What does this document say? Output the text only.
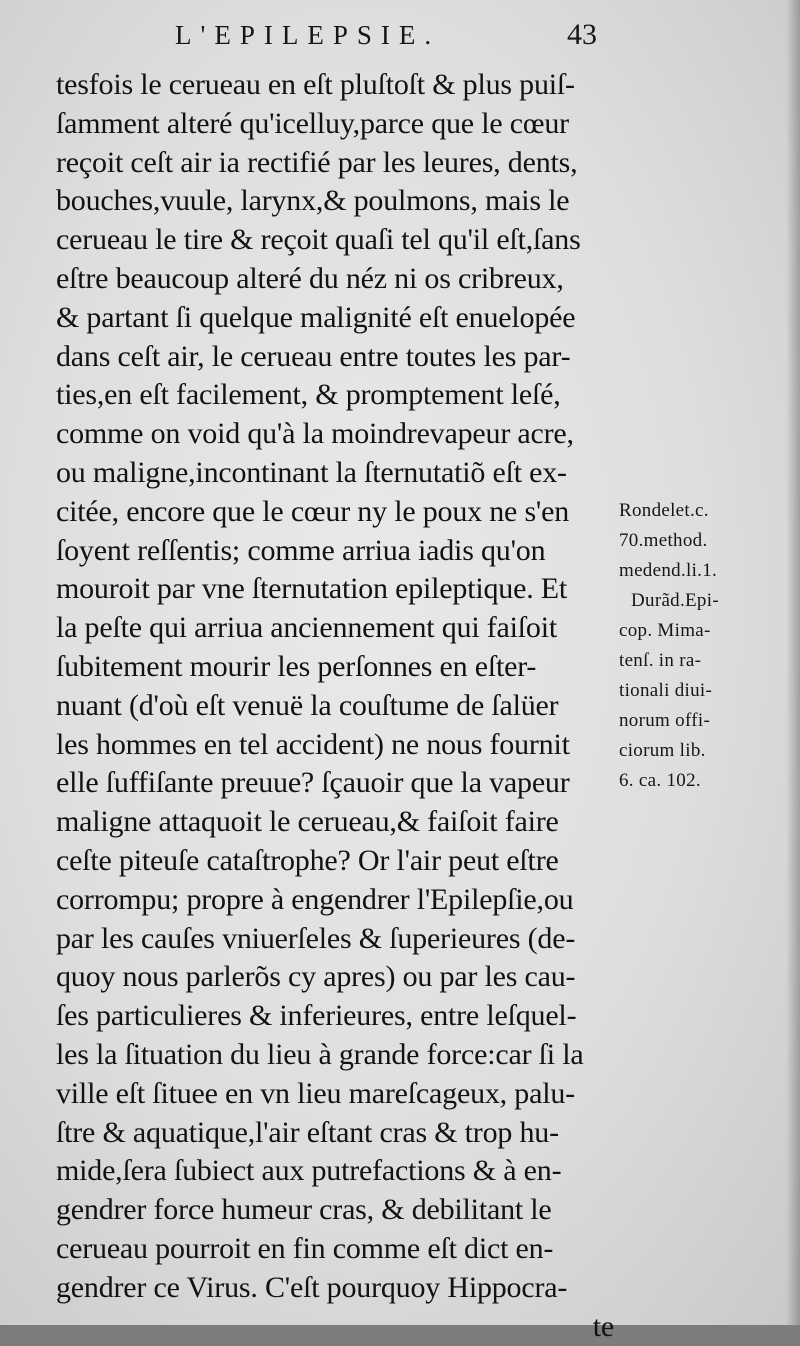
L'EPILEPSIE.	43
tesfois le cerueau en eſt pluſtoſt & plus puiſ-
ſamment alteré qu'icelluy,parce que le cœur
reçoit ceſt air ia rectifié par les leures, dents,
bouches,vuule, larynx,& poulmons, mais le
cerueau le tire & reçoit quaſi tel qu'il eſt,ſans
eſtre beaucoup alteré du néz ni os cribreux,
& partant ſi quelque malignité eſt enuelopée
dans ceſt air, le cerueau entre toutes les par-
ties,en eſt facilement, & promptement leſé,
comme on void qu'à la moindrevapeur acre,
ou maligne,incontinant la ſternutatiõ eſt ex-
citée, encore que le cœur ny le poux ne s'en
ſoyent reſſentis; comme arriua iadis qu'on
mouroit par vne ſternutation epileptique. Et
la peſte qui arriua anciennement qui faiſoit
ſubitement mourir les perſonnes en eſter-
nuant (d'où eſt venuë la couſtume de ſalüer
les hommes en tel accident) ne nous fournit
elle ſuffiſante preuue? ſçauoir que la vapeur
maligne attaquoit le cerueau,& faiſoit faire
ceſte piteuſe cataſtrophe? Or l'air peut eſtre
corrompu; propre à engendrer l'Epilepſie,ou
par les cauſes vniuerſeles & ſuperieures (de-
quoy nous parlerõs cy apres) ou par les cau-
ſes particulieres & inferieures, entre leſquel-
les la ſituation du lieu à grande force:car ſi la
ville eſt ſituee en vn lieu mareſcageux, palu-
ſtre & aquatique,l'air eſtant cras & trop hu-
mide,ſera ſubiect aux putrefactions & à en-
gendrer force humeur cras, & debilitant le
cerueau pourroit en fin comme eſt dict en-
gendrer ce Virus. C'eſt pourquoy Hippocra-
te
Rondelet.c.
70.method.
medend.li.1.
Durãd.Epi-
cop. Mima-
tenſ. in ra-
tionali diui-
norum offi-
ciorum lib.
6. ca. 102.
